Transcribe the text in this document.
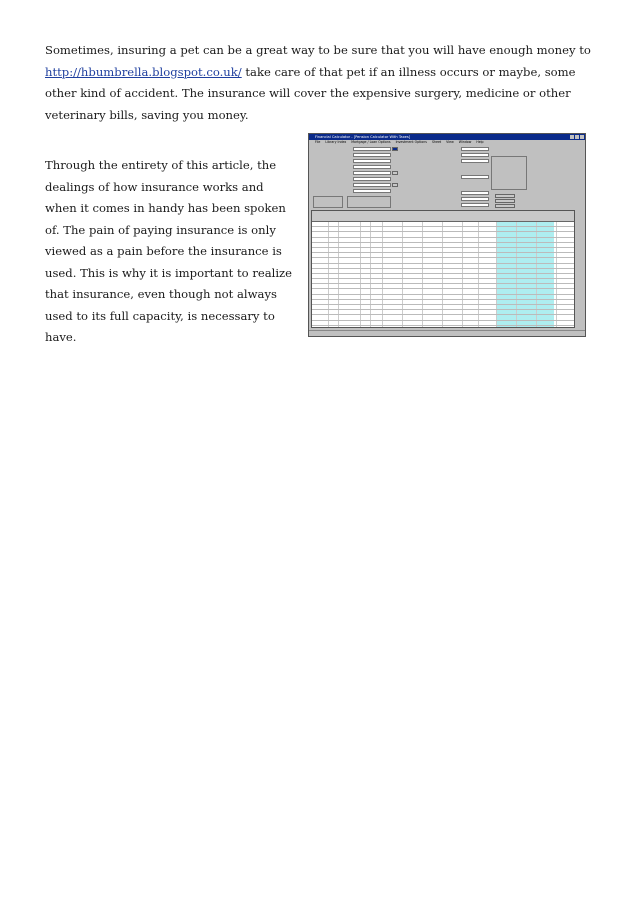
Sometimes, insuring a pet can be a great way to be sure that you will have enough money to
http://hbumbrella.blogspot.co.uk/ take care of that pet if an illness occurs or maybe, some other kind of accident. The insurance will cover the expensive surgery, medicine or other veterinary bills, saving you money.

Through the entirety of this article, the dealings of how insurance works and when it comes in handy has been spoken of. The pain of paying insurance is only viewed as a pain before the insurance is used. This is why it is important to realize that insurance, even though not always used to its full capacity, is necessary to have.

Financial Calculator - [Pension Calculator With Taxes]
File Library Index Mortgage / Loan Options Investment Options Sheet View Window Help
